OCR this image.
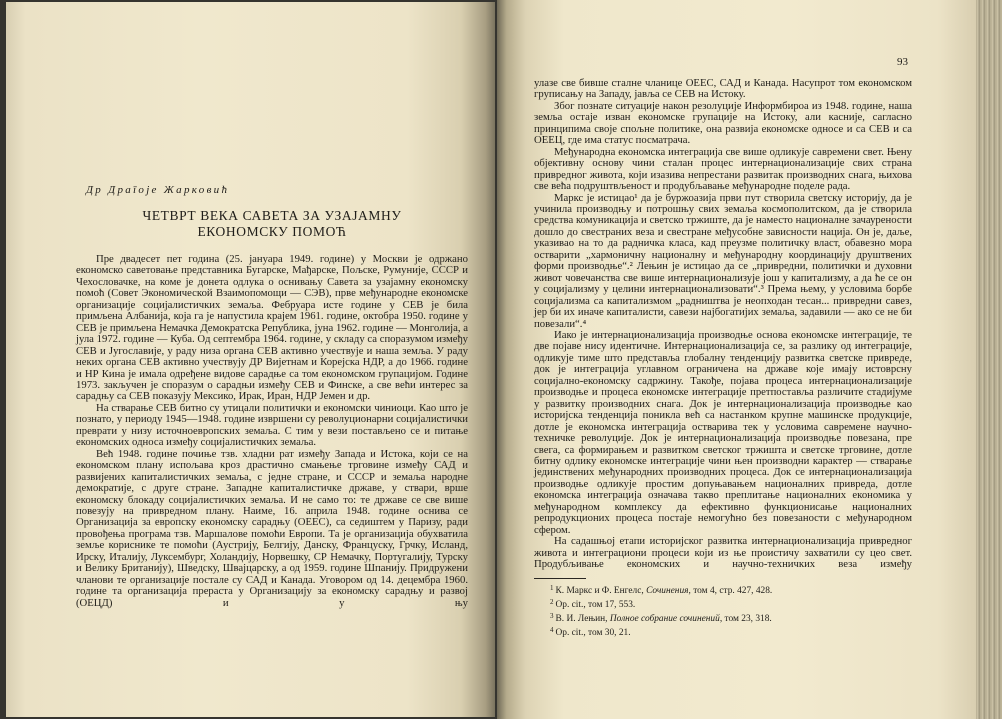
Др Драгоје Жарковић
ЧЕТВРТ ВЕКА САВЕТА ЗА УЗАЈАМНУ
ЕКОНОМСКУ ПОМОЋ

Пре двадесет пет година (25. јануара 1949. године) у Москви је одржано економско саветовање представника Бугарске, Мађарске, Пољске, Румуније, СССР и Чехословачке, на коме је донета одлука о оснивању Савета за узајамну економску помоћ (Совет Экономической Взаимопомощи — СЭВ), прве међународне економске организације социјалистичких земаља. Фебруара исте године у СЕВ је била примљена Албанија, која га је напустила крајем 1961. године, октобра 1950. године у СЕВ је примљена Немачка Демократска Република, јуна 1962. године — Монголија, а јула 1972. године — Куба. Од септембра 1964. године, у складу са споразумом између СЕВ и Југославије, у раду низа органа СЕВ активно учествује и наша земља. У раду неких органа СЕВ активно учествују ДР Вијетнам и Корејска НДР, а до 1966. године и НР Кина је имала одређене видове сарадње са том економском групацијом. Године 1973. закључен је споразум о сарадњи између СЕВ и Финске, а све већи интерес за сарадњу са СЕВ показују Мексико, Ирак, Иран, НДР Јемен и др.

На стварање СЕВ битно су утицали политички и економски чиниоци. Као што је познато, у периоду 1945—1948. године извршени су револуционарни социјалистички преврати у низу источноевропских земаља. С тим у вези постављено се и питање економских односа између социјалистичких земаља.

Већ 1948. године почиње тзв. хладни рат између Запада и Истока, који се на економском плану испољава кроз драстично смањење трговине између САД и развијених капиталистичких земаља, с једне стране, и СССР и земаља народне демократије, с друге стране. Западне капиталистичке државе, у ствари, врше економску блокаду социјалистичких земаља. И не само то: те државе се све више повезују на привредном плану. Наиме, 16. априла 1948. године оснива се Организација за европску економску сарадњу (ОЕЕС), са седиштем у Паризу, ради провођења програма тзв. Маршалове помоћи Европи. Та је организација обухватила земље кориснике те помоћи (Аустрију, Белгију, Данску, Француску, Грчку, Исланд, Ирску, Италију, Луксембург, Холандију, Норвешку, СР Немачку, Португалију, Турску и Велику Британију), Шведску, Швајцарску, а од 1959. године Шпанију. Придружени чланови те организације постале су САД и Канада. Уговором од 14. децембра 1960. године та организација прераста у Организацију за економску сарадњу и развој (ОЕЦД) и у њу

93

улазе све бивше сталне чланице ОЕЕС, САД и Канада. Насупрот том економском груписању на Западу, јавља се СЕВ на Истоку.

Због познате ситуације након резолуције Информбироа из 1948. године, наша земља остаје изван економске групације на Истоку, али касније, сагласно принципима своје спољне политике, она развија економске односе и са СЕВ и са ОЕЕЦ, где има статус посматрача.

Међународна економска интеграција све више одликује савремени свет. Њену објективну основу чини сталан процес интернационализације свих страна привредног живота, који изазива непрестани развитак производних снага, њихова све већа подруштвљеност и продубљавање међународне поделе рада.

Маркс је истицао¹ да је буржоазија први пут створила светску историју, да је учинила производњу и потрошњу свих земаља космополитском, да је створила средства комуникација и светско тржиште, да је наместо националне зачаурености дошло до свестраних веза и свестране међусобне зависности нација. Он је, даље, указивао на то да радничка класа, кад преузме политичку власт, обавезно мора остварити „хармоничну националну и међународну координацију друштвених форми производње“.² Лењин је истицао да се „привредни, политички и духовни живот човечанства све више интернационализује још у капитализму, а да ће се он у социјализму у целини интернационализовати“.³ Према њему, у условима борбе социјализма са капитализмом „радништва је неопходан тесан... привредни савез, јер би их иначе капиталисти, савези најбогатијих земаља, задавили — ако се не би повезали“.⁴

Иако је интернационализација производње основа економске интеграције, те две појаве нису идентичне. Интернационализација се, за разлику од интеграције, одликује тиме што представља глобалну тенденцију развитка светске привреде, док је интеграција углавном ограничена на државе које имају истоврсну социјално-економску садржину. Такође, појава процеса интернационализације производње и процеса економске интеграције претпоставља различите стадијуме у развитку производних снага. Док је интернационализација производње као историјска тенденција поникла већ са настанком крупне машинске продукције, дотле је економска интеграција остварива тек у условима савремене научно-техничке револуције. Док је интернационализација производње повезана, пре свега, са формирањем и развитком светског тржишта и светске трговине, дотле битну одлику економске интеграције чини њен производни карактер — стварање јединствених међународних производних процеса. Док се интернационализација производње одликује простим допуњавањем националних привреда, дотле економска интеграција означава такво преплитање националних економика у међународном комплексу да ефективно функционисање националних репродукционих процеса постаје немогућно без повезаности с међународном сфером.

На садашњој етапи историјског развитка интернационализација привредног живота и интеграциони процеси који из ње проистичу захватили су цео свет. Продубљивање економских и научно-техничких веза између

$^1$ К. Маркс и Ф. Енгелс, Сочинения, том 4, стр. 427, 428.
$^2$ Op. cit., том 17, 553.
$^3$ В. И. Лењин, Полное собрание сочинений, том 23, 318.
$^4$ Op. cit., том 30, 21.
